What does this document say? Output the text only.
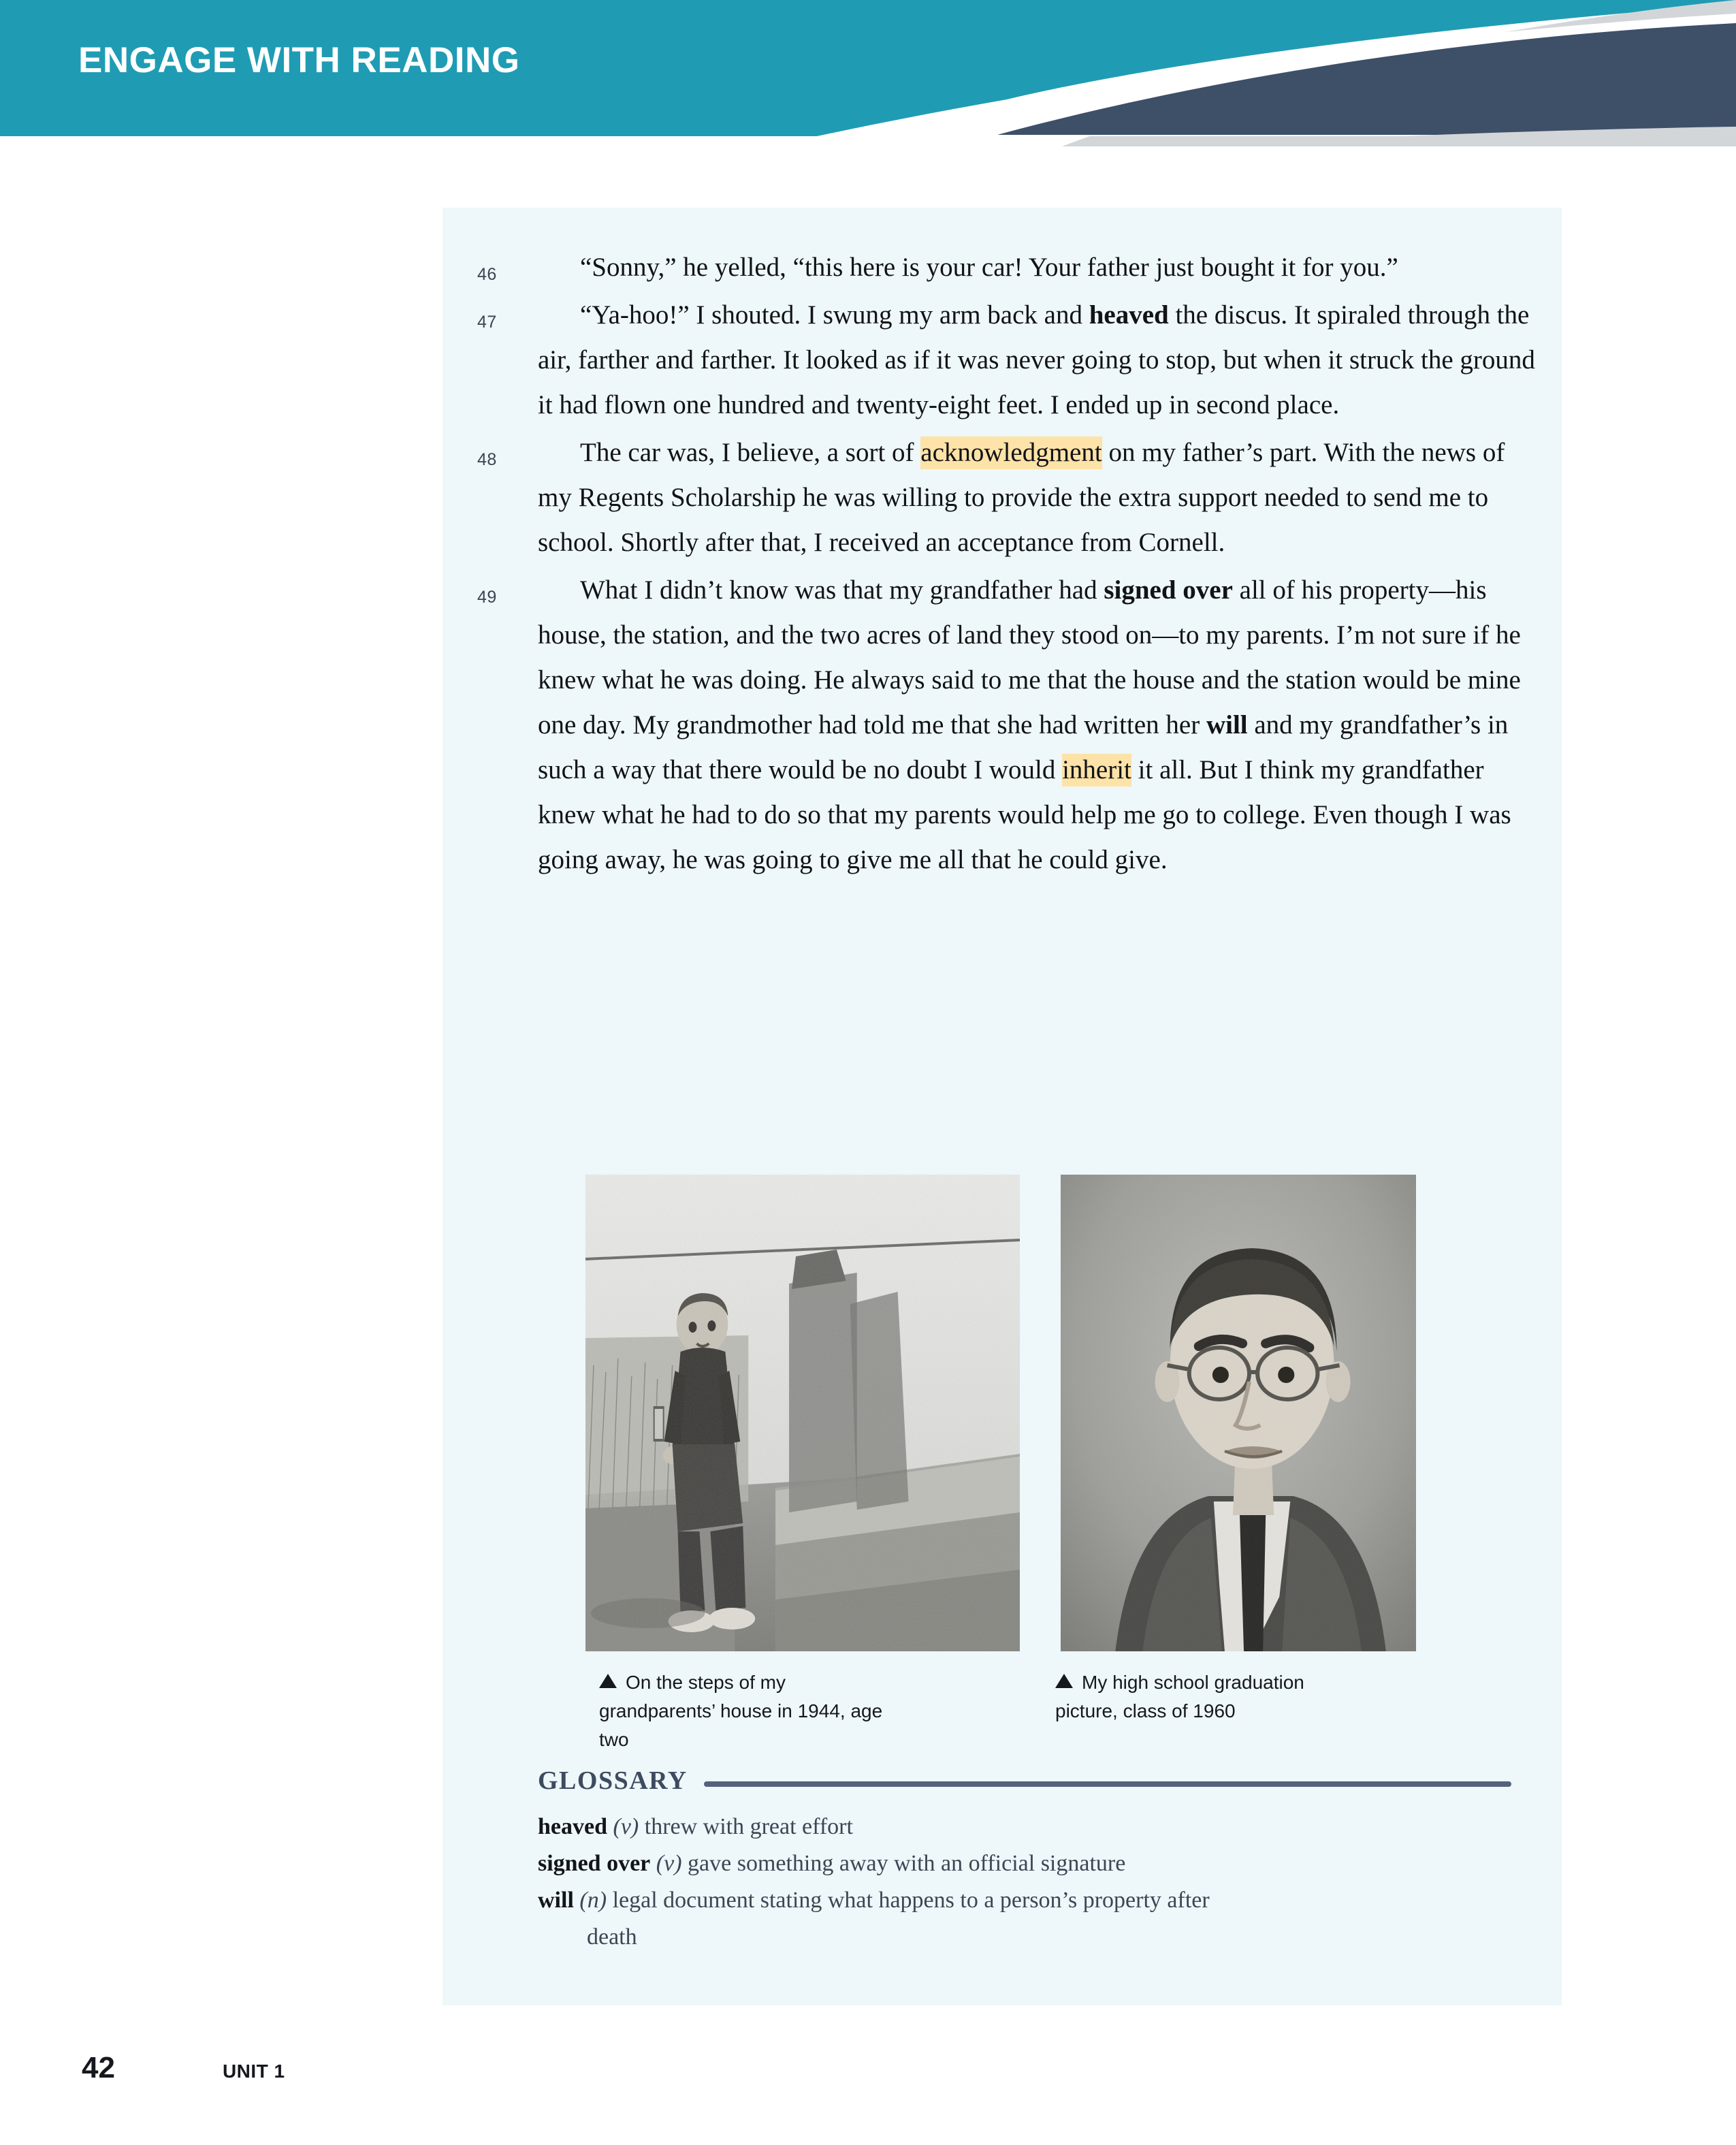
ENGAGE WITH READING

46	“Sonny,” he yelled, “this here is your car! Your father just bought it for you.”

47	“Ya-hoo!” I shouted. I swung my arm back and heaved the discus. It spiraled through the air, farther and farther. It looked as if it was never going to stop, but when it struck the ground it had flown one hundred and twenty-eight feet. I ended up in second place.

48	The car was, I believe, a sort of acknowledgment on my father’s part. With the news of my Regents Scholarship he was willing to provide the extra support needed to send me to school. Shortly after that, I received an acceptance from Cornell.

49	What I didn’t know was that my grandfather had signed over all of his property—his house, the station, and the two acres of land they stood on—to my parents. I’m not sure if he knew what he was doing. He always said to me that the house and the station would be mine one day. My grandmother had told me that she had written her will and my grandfather’s in such a way that there would be no doubt I would inherit it all. But I think my grandfather knew what he had to do so that my parents would help me go to college. Even though I was going away, he was going to give me all that he could give.

On the steps of my grandparents’ house in 1944, age two
My high school graduation picture, class of 1960
GLOSSARY
heaved (v) threw with great effort
signed over (v) gave something away with an official signature
will (n) legal document stating what happens to a person’s property after
death
42	UNIT 1
